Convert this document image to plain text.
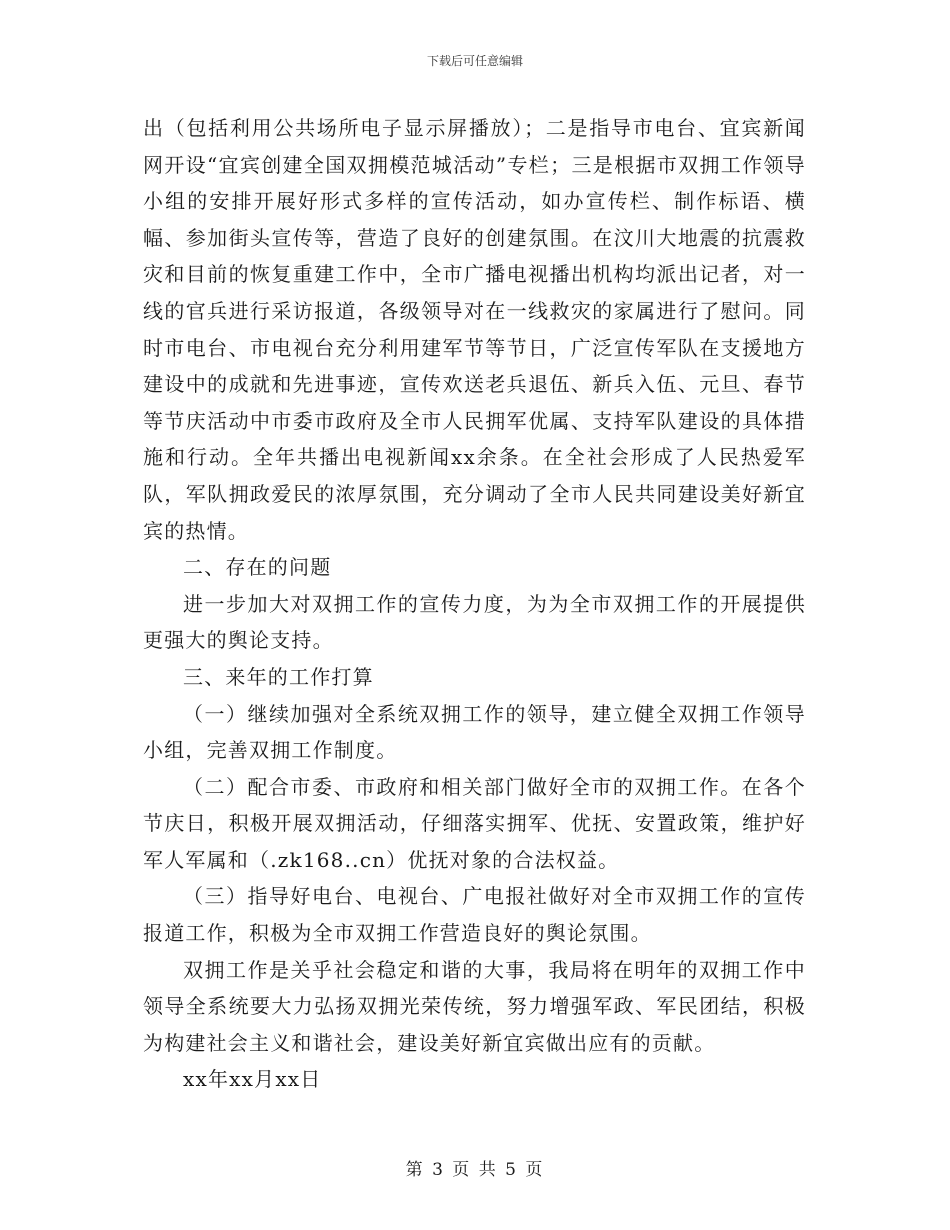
下载后可任意编辑

出（包括利用公共场所电子显示屏播放）；二是指导市电台、宜宾新闻网开设“宜宾创建全国双拥模范城活动”专栏；三是根据市双拥工作领导小组的安排开展好形式多样的宣传活动，如办宣传栏、制作标语、横幅、参加街头宣传等，营造了良好的创建氛围。在汶川大地震的抗震救灾和目前的恢复重建工作中，全市广播电视播出机构均派出记者，对一线的官兵进行采访报道，各级领导对在一线救灾的家属进行了慰问。同时市电台、市电视台充分利用建军节等节日，广泛宣传军队在支援地方建设中的成就和先进事迹，宣传欢送老兵退伍、新兵入伍、元旦、春节等节庆活动中市委市政府及全市人民拥军优属、支持军队建设的具体措施和行动。全年共播出电视新闻xx余条。在全社会形成了人民热爱军队，军队拥政爱民的浓厚氛围，充分调动了全市人民共同建设美好新宜宾的热情。

二、存在的问题

进一步加大对双拥工作的宣传力度，为为全市双拥工作的开展提供更强大的舆论支持。

三、来年的工作打算

（一）继续加强对全系统双拥工作的领导，建立健全双拥工作领导小组，完善双拥工作制度。

（二）配合市委、市政府和相关部门做好全市的双拥工作。在各个节庆日，积极开展双拥活动，仔细落实拥军、优抚、安置政策，维护好军人军属和（.zk168..cn）优抚对象的合法权益。

（三）指导好电台、电视台、广电报社做好对全市双拥工作的宣传报道工作，积极为全市双拥工作营造良好的舆论氛围。

双拥工作是关乎社会稳定和谐的大事，我局将在明年的双拥工作中领导全系统要大力弘扬双拥光荣传统，努力增强军政、军民团结，积极为构建社会主义和谐社会，建设美好新宜宾做出应有的贡献。

xx年xx月xx日

第 3 页 共 5 页
